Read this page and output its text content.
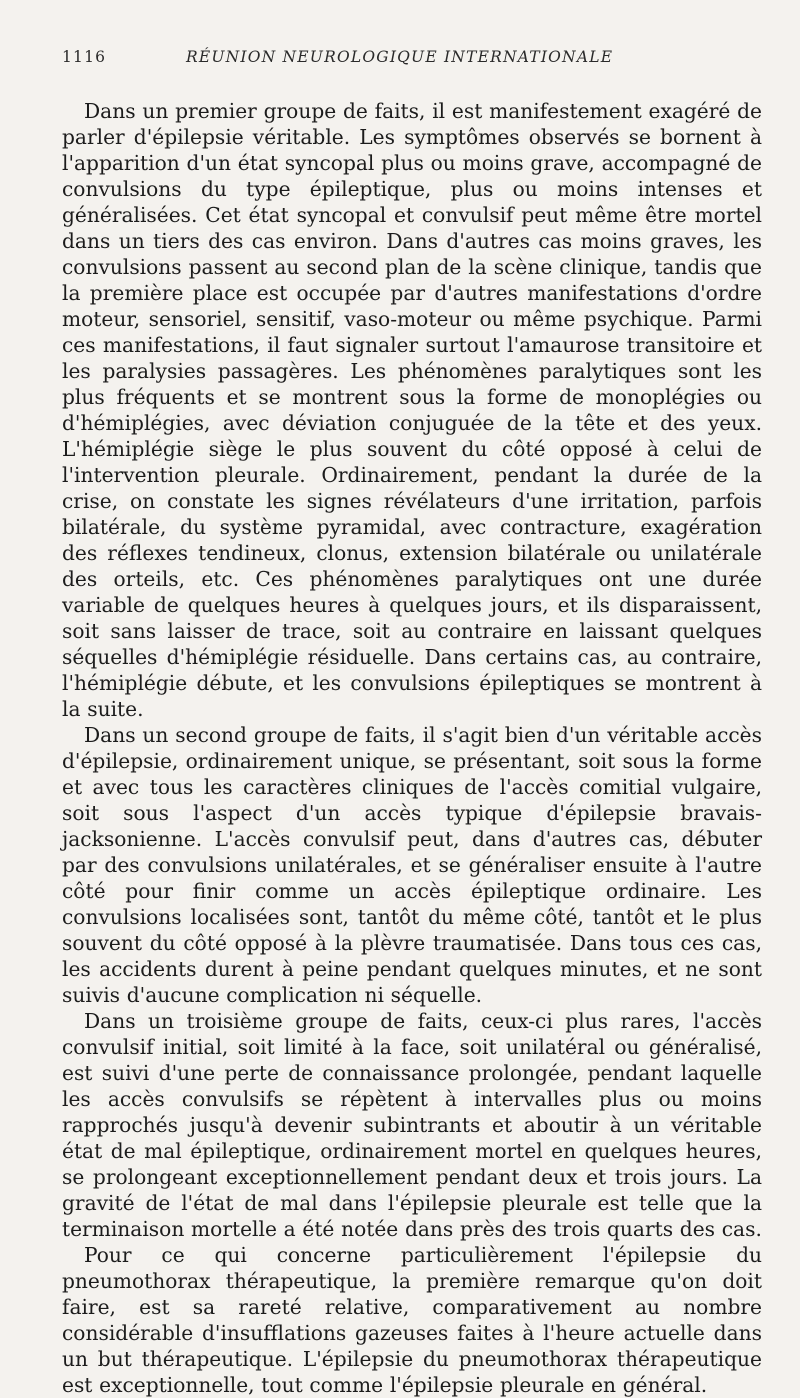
1116	RÉUNION NEUROLOGIQUE INTERNATIONALE

Dans un premier groupe de faits, il est manifestement exagéré de parler d'épilepsie véritable. Les symptômes observés se bornent à l'apparition d'un état syncopal plus ou moins grave, accompagné de convulsions du type épileptique, plus ou moins intenses et généralisées. Cet état syncopal et convulsif peut même être mortel dans un tiers des cas environ. Dans d'autres cas moins graves, les convulsions passent au second plan de la scène clinique, tandis que la première place est occupée par d'autres manifestations d'ordre moteur, sensoriel, sensitif, vaso-moteur ou même psychique. Parmi ces manifestations, il faut signaler surtout l'amaurose transitoire et les paralysies passagères. Les phénomènes paralytiques sont les plus fréquents et se montrent sous la forme de monoplégies ou d'hémiplégies, avec déviation conjuguée de la tête et des yeux. L'hémiplégie siège le plus souvent du côté opposé à celui de l'intervention pleurale. Ordinairement, pendant la durée de la crise, on constate les signes révélateurs d'une irritation, parfois bilatérale, du système pyramidal, avec contracture, exagération des réflexes tendineux, clonus, extension bilatérale ou unilatérale des orteils, etc. Ces phénomènes paralytiques ont une durée variable de quelques heures à quelques jours, et ils disparaissent, soit sans laisser de trace, soit au contraire en laissant quelques séquelles d'hémiplégie résiduelle. Dans certains cas, au contraire, l'hémiplégie débute, et les convulsions épileptiques se montrent à la suite.

Dans un second groupe de faits, il s'agit bien d'un véritable accès d'épilepsie, ordinairement unique, se présentant, soit sous la forme et avec tous les caractères cliniques de l'accès comitial vulgaire, soit sous l'aspect d'un accès typique d'épilepsie bravais-jacksonienne. L'accès convulsif peut, dans d'autres cas, débuter par des convulsions unilatérales, et se généraliser ensuite à l'autre côté pour finir comme un accès épileptique ordinaire. Les convulsions localisées sont, tantôt du même côté, tantôt et le plus souvent du côté opposé à la plèvre traumatisée. Dans tous ces cas, les accidents durent à peine pendant quelques minutes, et ne sont suivis d'aucune complication ni séquelle.

Dans un troisième groupe de faits, ceux-ci plus rares, l'accès convulsif initial, soit limité à la face, soit unilatéral ou généralisé, est suivi d'une perte de connaissance prolongée, pendant laquelle les accès convulsifs se répètent à intervalles plus ou moins rapprochés jusqu'à devenir subintrants et aboutir à un véritable état de mal épileptique, ordinairement mortel en quelques heures, se prolongeant exceptionnellement pendant deux et trois jours. La gravité de l'état de mal dans l'épilepsie pleurale est telle que la terminaison mortelle a été notée dans près des trois quarts des cas.

Pour ce qui concerne particulièrement l'épilepsie du pneumothorax thérapeutique, la première remarque qu'on doit faire, est sa rareté relative, comparativement au nombre considérable d'insufflations gazeuses faites à l'heure actuelle dans un but thérapeutique. L'épilepsie du pneumothorax thérapeutique est exceptionnelle, tout comme l'épilepsie pleurale en général.
